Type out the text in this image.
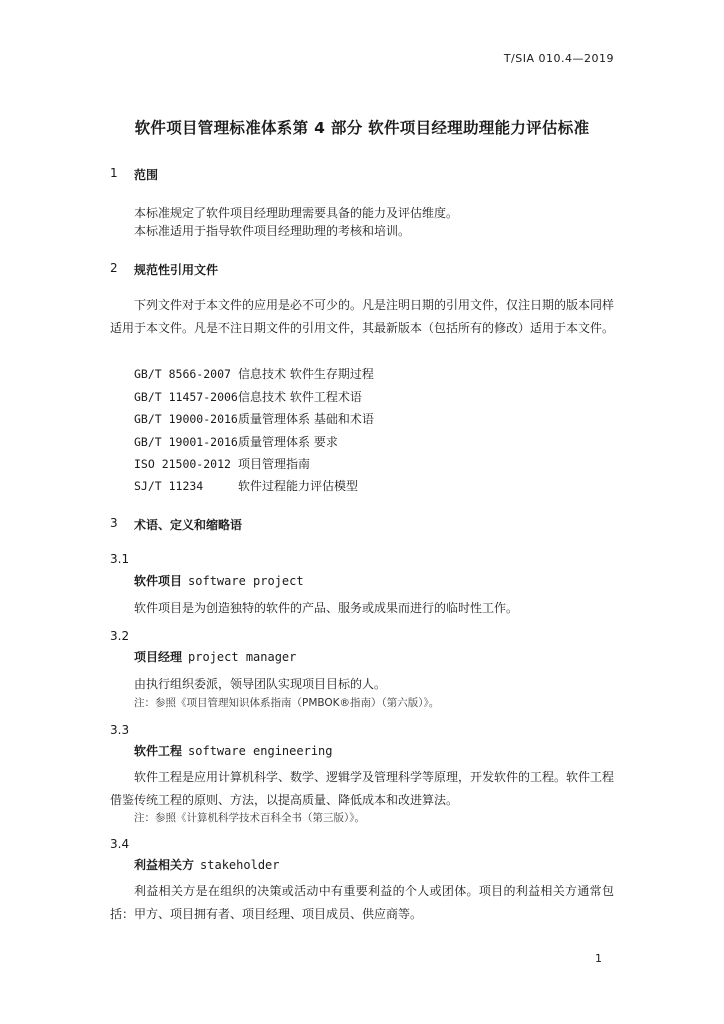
T/SIA 010.4—2019
软件项目管理标准体系第 4 部分 软件项目经理助理能力评估标准
1 范围
本标准规定了软件项目经理助理需要具备的能力及评估维度。
本标准适用于指导软件项目经理助理的考核和培训。
2 规范性引用文件
下列文件对于本文件的应用是必不可少的。凡是注明日期的引用文件，仅注日期的版本同样适用于本文件。凡是不注日期文件的引用文件，其最新版本（包括所有的修改）适用于本文件。
GB/T 8566-2007 信息技术 软件生存期过程
GB/T 11457-2006信息技术 软件工程术语
GB/T 19000-2016质量管理体系 基础和术语
GB/T 19001-2016质量管理体系 要求
ISO 21500-2012 项目管理指南
SJ/T 11234	软件过程能力评估模型
3 术语、定义和缩略语
3.1
软件项目 software project
软件项目是为创造独特的软件的产品、服务或成果而进行的临时性工作。
3.2
项目经理 project manager
由执行组织委派，领导团队实现项目目标的人。
注：参照《项目管理知识体系指南（PMBOK®指南）（第六版）》。
3.3
软件工程 software engineering
软件工程是应用计算机科学、数学、逻辑学及管理科学等原理，开发软件的工程。软件工程借鉴传统工程的原则、方法，以提高质量、降低成本和改进算法。
注：参照《计算机科学技术百科全书（第三版）》。
3.4
利益相关方 stakeholder
利益相关方是在组织的决策或活动中有重要利益的个人或团体。项目的利益相关方通常包括：甲方、项目拥有者、项目经理、项目成员、供应商等。
1
